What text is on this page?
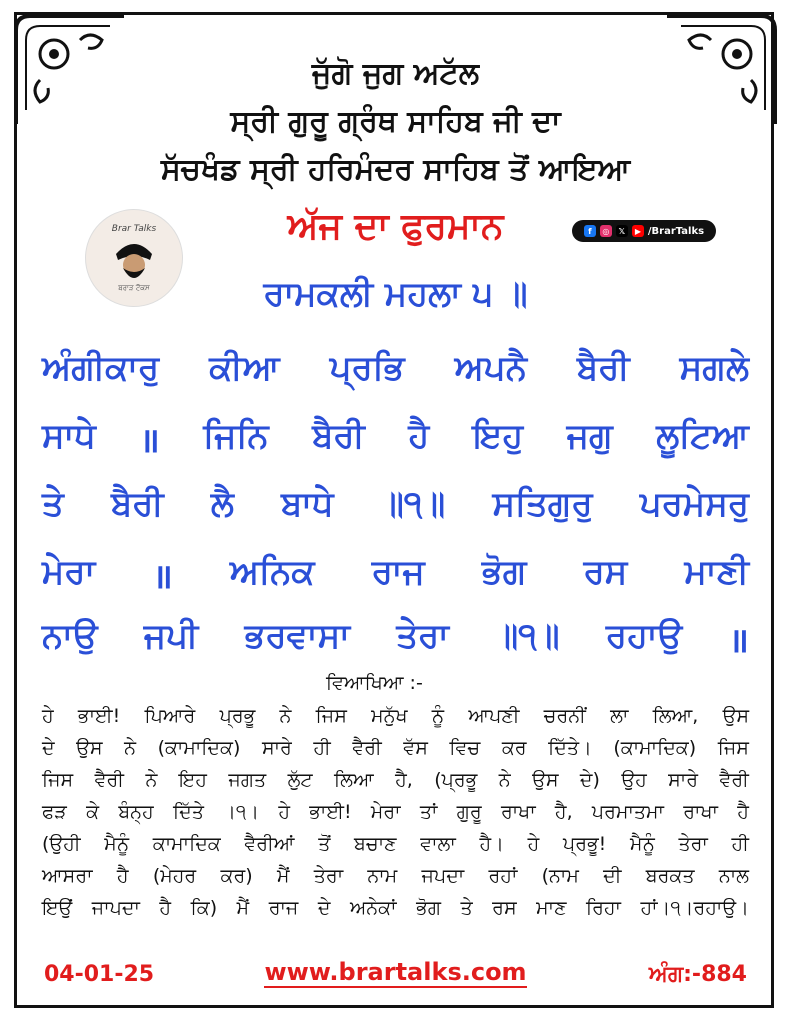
ਜੁੱਗੋ ਜੁਗ ਅਟੱਲ
ਸ੍ਰੀ ਗੁਰੂ ਗ੍ਰੰਥ ਸਾਹਿਬ ਜੀ ਦਾ
ਸੱਚਖੰਡ ਸ੍ਰੀ ਹਰਿਮੰਦਰ ਸਾਹਿਬ ਤੋਂ ਆਇਆ
ਅੱਜ ਦਾ ਫੁਰਮਾਨ
Brar Talks
ਬਰਾੜ ਟੌਕਸ
f	◎	𝕏	▶ /BrarTalks
ਰਾਮਕਲੀ ਮਹਲਾ ੫ ॥
ਅੰਗੀਕਾਰੁ ਕੀਆ ਪ੍ਰਭਿ ਅਪਨੈ ਬੈਰੀ ਸਗਲੇ
ਸਾਧੇ ॥ ਜਿਨਿ ਬੈਰੀ ਹੈ ਇਹੁ ਜਗੁ ਲੂਟਿਆ
ਤੇ ਬੈਰੀ ਲੈ ਬਾਧੇ ॥੧॥ ਸਤਿਗੁਰੁ ਪਰਮੇਸਰੁ
ਮੇਰਾ ॥ ਅਨਿਕ ਰਾਜ ਭੋਗ ਰਸ ਮਾਣੀ
ਨਾਉ ਜਪੀ ਭਰਵਾਸਾ ਤੇਰਾ ॥੧॥ ਰਹਾਉ ॥
ਵਿਆਖਿਆ :-
ਹੇ ਭਾਈ! ਪਿਆਰੇ ਪ੍ਰਭੂ ਨੇ ਜਿਸ ਮਨੁੱਖ ਨੂੰ ਆਪਣੀ ਚਰਨੀਂ ਲਾ ਲਿਆ, ਉਸ
ਦੇ ਉਸ ਨੇ (ਕਾਮਾਦਿਕ) ਸਾਰੇ ਹੀ ਵੈਰੀ ਵੱਸ ਵਿਚ ਕਰ ਦਿੱਤੇ। (ਕਾਮਾਦਿਕ) ਜਿਸ
ਜਿਸ ਵੈਰੀ ਨੇ ਇਹ ਜਗਤ ਲੁੱਟ ਲਿਆ ਹੈ, (ਪ੍ਰਭੂ ਨੇ ਉਸ ਦੇ) ਉਹ ਸਾਰੇ ਵੈਰੀ
ਫੜ ਕੇ ਬੰਨ੍ਹ ਦਿੱਤੇ ।੧। ਹੇ ਭਾਈ! ਮੇਰਾ ਤਾਂ ਗੁਰੂ ਰਾਖਾ ਹੈ, ਪਰਮਾਤਮਾ ਰਾਖਾ ਹੈ
(ਉਹੀ ਮੈਨੂੰ ਕਾਮਾਦਿਕ ਵੈਰੀਆਂ ਤੋਂ ਬਚਾਣ ਵਾਲਾ ਹੈ। ਹੇ ਪ੍ਰਭੂ! ਮੈਨੂੰ ਤੇਰਾ ਹੀ
ਆਸਰਾ ਹੈ (ਮੇਹਰ ਕਰ) ਮੈਂ ਤੇਰਾ ਨਾਮ ਜਪਦਾ ਰਹਾਂ (ਨਾਮ ਦੀ ਬਰਕਤ ਨਾਲ
ਇਉਂ ਜਾਪਦਾ ਹੈ ਕਿ) ਮੈਂ ਰਾਜ ਦੇ ਅਨੇਕਾਂ ਭੋਗ ਤੇ ਰਸ ਮਾਣ ਰਿਹਾ ਹਾਂ।੧।ਰਹਾਉ।
04-01-25	www.brartalks.com	ਅੰਗ:-884
